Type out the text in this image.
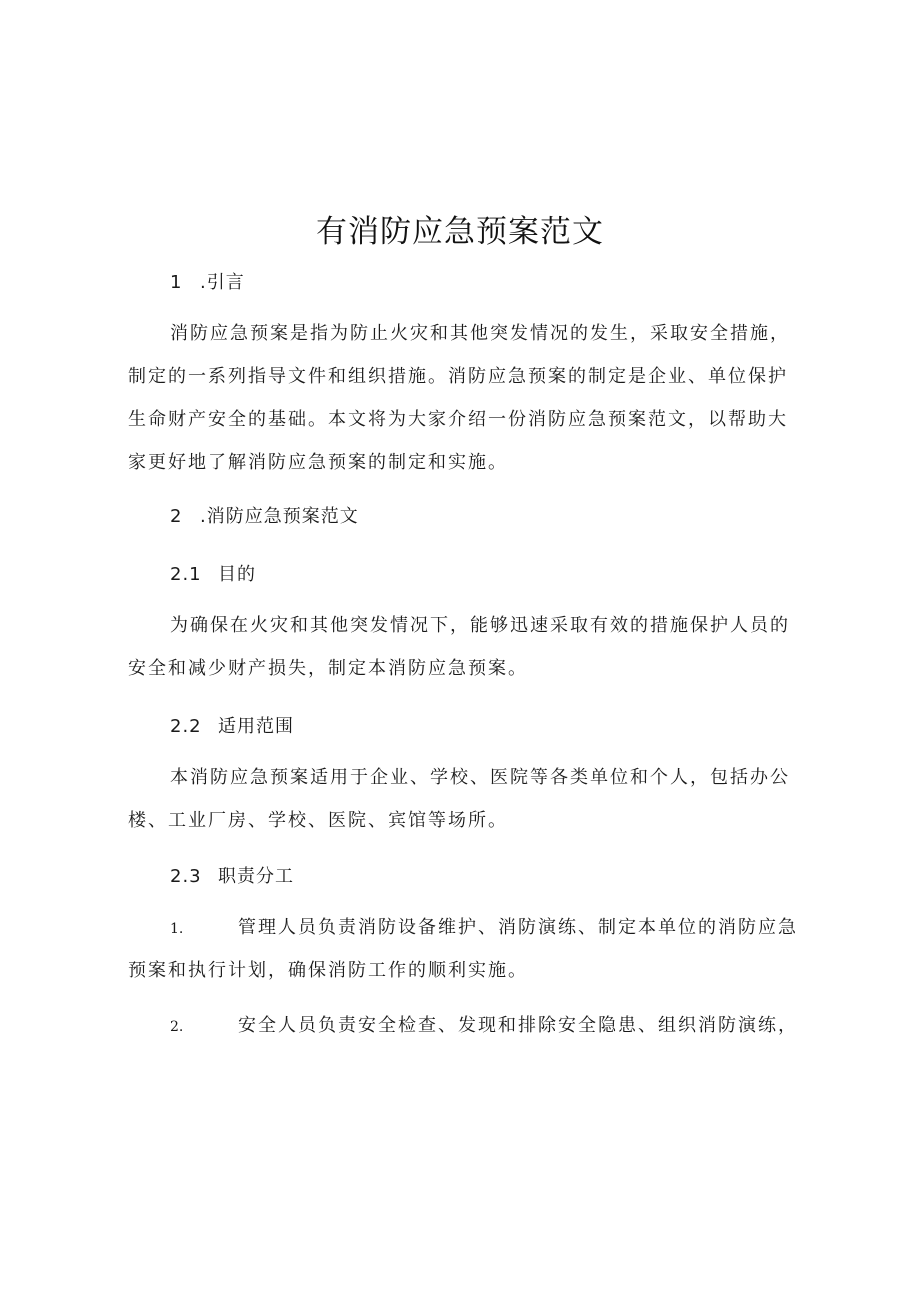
有消防应急预案范文
1 .引言
消防应急预案是指为防止火灾和其他突发情况的发生，采取安全措施，
制定的一系列指导文件和组织措施。消防应急预案的制定是企业、单位保护
生命财产安全的基础。本文将为大家介绍一份消防应急预案范文，以帮助大
家更好地了解消防应急预案的制定和实施。
2 .消防应急预案范文
2.1 目的
为确保在火灾和其他突发情况下，能够迅速采取有效的措施保护人员的
安全和减少财产损失，制定本消防应急预案。
2.2 适用范围
本消防应急预案适用于企业、学校、医院等各类单位和个人，包括办公
楼、工业厂房、学校、医院、宾馆等场所。
2.3 职责分工
1.	管理人员负责消防设备维护、消防演练、制定本单位的消防应急
预案和执行计划，确保消防工作的顺利实施。
2.	安全人员负责安全检查、发现和排除安全隐患、组织消防演练，
